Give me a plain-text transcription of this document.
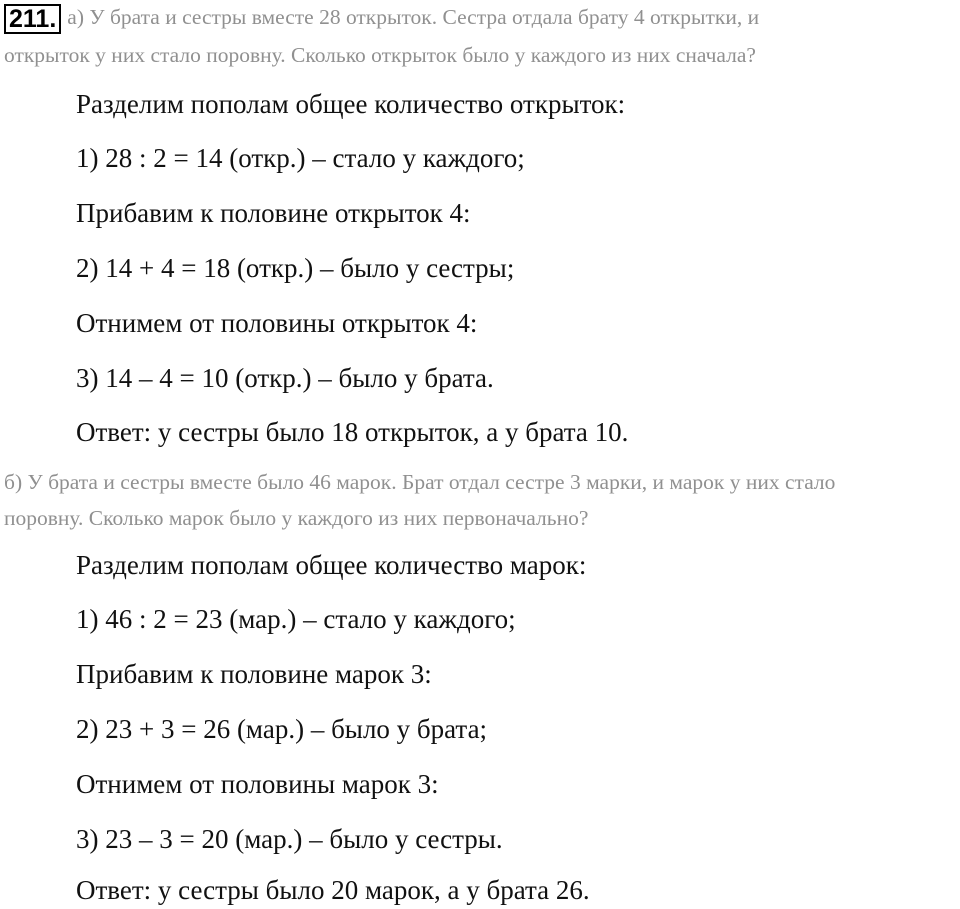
211. а) У брата и сестры вместе 28 открыток. Сестра отдала брату 4 открытки, и
открыток у них стало поровну. Сколько открыток было у каждого из них сначала?
Разделим пополам общее количество открыток:
1) 28 : 2 = 14 (откр.) – стало у каждого;
Прибавим к половине открыток 4:
2) 14 + 4 = 18 (откр.) – было у сестры;
Отнимем от половины открыток 4:
3) 14 – 4 = 10 (откр.) – было у брата.
Ответ: у сестры было 18 открыток, а у брата 10.
б) У брата и сестры вместе было 46 марок. Брат отдал сестре 3 марки, и марок у них стало
поровну. Сколько марок было у каждого из них первоначально?
Разделим пополам общее количество марок:
1) 46 : 2 = 23 (мар.) – стало у каждого;
Прибавим к половине марок 3:
2) 23 + 3 = 26 (мар.) – было у брата;
Отнимем от половины марок 3:
3) 23 – 3 = 20 (мар.) – было у сестры.
Ответ: у сестры было 20 марок, а у брата 26.
